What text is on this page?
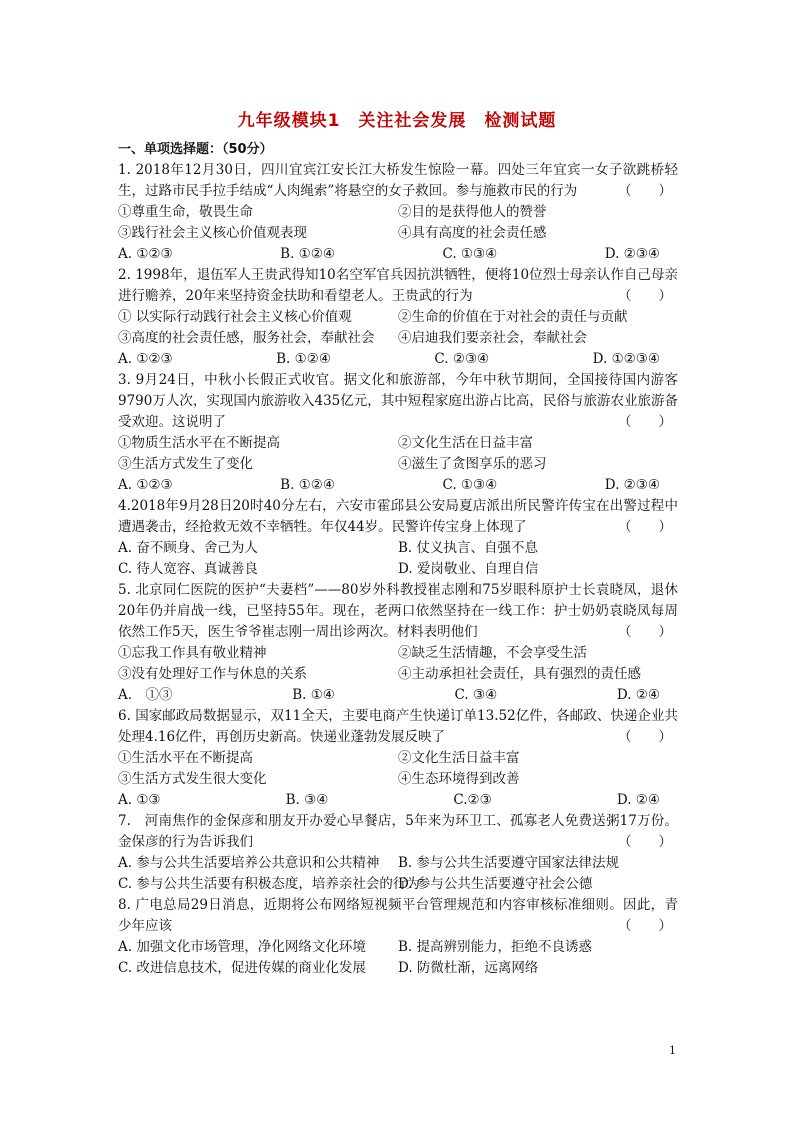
九年级模块1　关注社会发展　检测试题
一、单项选择题：（50分）

1. 2018年12月30日，四川宜宾江安长江大桥发生惊险一幕。四处三年宜宾一女子欲跳桥轻生，过路市民手拉手结成“人肉绳索”将悬空的女子救回。参与施救市民的行为	（　　）

①尊重生命，敬畏生命	②目的是获得他人的赞誉
③践行社会主义核心价值观表现	④具有高度的社会责任感
A. ①②③	B. ①②④	C. ①③④	D. ②③④

2. 1998年，退伍军人王贵武得知10名空军官兵因抗洪牺牲，便将10位烈士母亲认作自己母亲进行赡养，20年来坚持资金扶助和看望老人。王贵武的行为	（　　）

① 以实际行动践行社会主义核心价值观	②生命的价值在于对社会的责任与贡献
③高度的社会责任感，服务社会，奉献社会	④启迪我们要亲社会，奉献社会
A. ①②③	B. ①②④	C. ②③④	D. ①②③④

3. 9月24日，中秋小长假正式收官。据文化和旅游部，今年中秋节期间，全国接待国内游客9790万人次，实现国内旅游收入435亿元，其中短程家庭出游占比高，民俗与旅游农业旅游备受欢迎。这说明了	（　　）

①物质生活水平在不断提高	②文化生活在日益丰富
③生活方式发生了变化	④滋生了贪图享乐的恶习
A. ①②③	B. ①②④	C. ①③④	D. ②③④

4.2018年9月28日20时40分左右，六安市霍邱县公安局夏店派出所民警许传宝在出警过程中遭遇袭击，经抢救无效不幸牺牲。年仅44岁。民警许传宝身上体现了	（　　）

A. 奋不顾身、舍己为人	B. 仗义执言、自强不息
C. 待人宽容、真诚善良	D. 爱岗敬业、自理自信

5. 北京同仁医院的医护“夫妻档”——80岁外科教授崔志刚和75岁眼科原护士长袁晓凤，退休20年仍并肩战一线，已坚持55年。现在，老两口依然坚持在一线工作：护士奶奶袁晓凤每周依然工作5天，医生爷爷崔志刚一周出诊两次。材料表明他们	（　　）

①忘我工作具有敬业精神	②缺乏生活情趣，不会享受生活
③没有处理好工作与休息的关系	④主动承担社会责任，具有强烈的责任感
A.　①③	B. ①④	C. ③④	D. ②④

6. 国家邮政局数据显示，双11全天，主要电商产生快递订单13.52亿件，各邮政、快递企业共处理4.16亿件，再创历史新高。快递业蓬勃发展反映了	（　　）

①生活水平在不断提高	②文化生活日益丰富
③生活方式发生很大变化	④生态环境得到改善
A. ①③	B. ③④	C.②③	D. ②④

7.　河南焦作的金保彦和朋友开办爱心早餐店，5年来为环卫工、孤寡老人免费送粥17万份。金保彦的行为告诉我们	（　　）

A. 参与公共生活要培养公共意识和公共精神	B. 参与公共生活要遵守国家法律法规
C. 参与公共生活要有积极态度，培养亲社会的行为
D. 参与公共生活要遵守社会公德

8. 广电总局29日消息，近期将公布网络短视频平台管理规范和内容审核标准细则。因此，青少年应该	（　　）

A. 加强文化市场管理，净化网络文化环境	B. 提高辨别能力，拒绝不良诱惑
C. 改进信息技术，促进传媒的商业化发展	D. 防微杜渐，远离网络
1
